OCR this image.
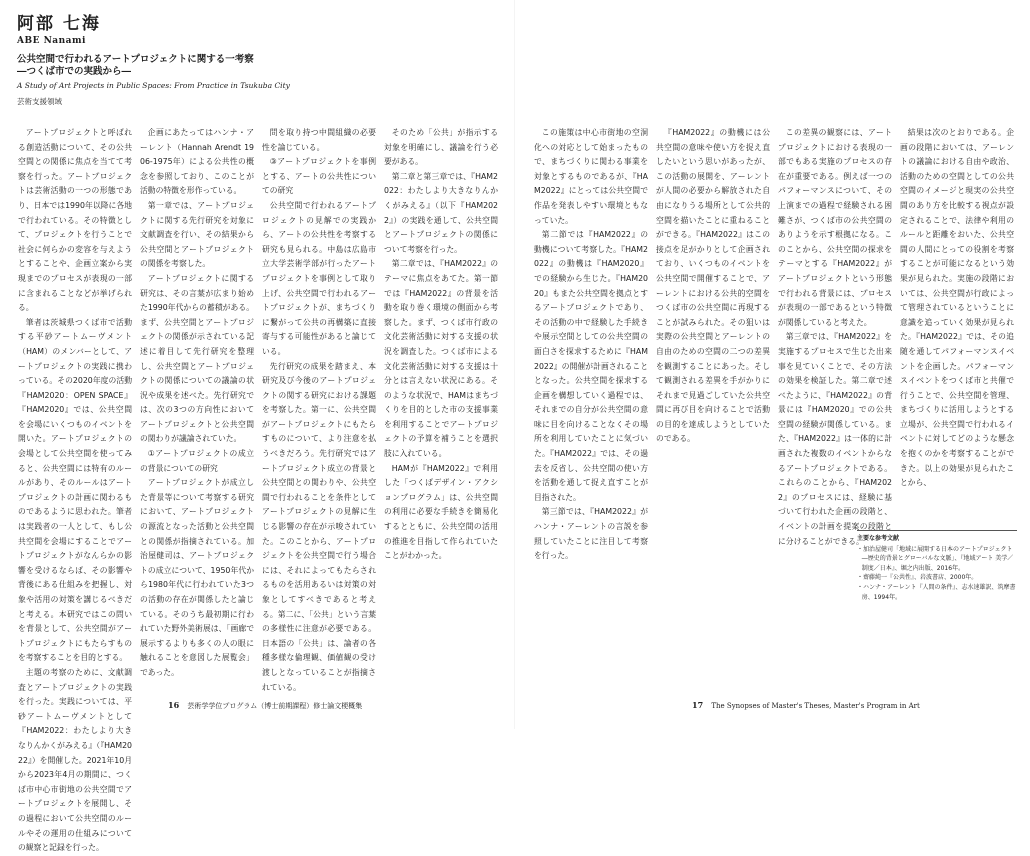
阿部 七海
ABE Nanami
公共空間で行われるアートプロジェクトに関する一考察
―つくば市での実践から―
A Study of Art Projects in Public Spaces: From Practice in Tsukuba City
芸術支援領域

アートプロジェクトと呼ばれる創造活動について、その公共空間との関係に焦点を当てて考察を行った。アートプロジェクトは芸術活動の一つの形態であり、日本では1990年以降に各地で行われている。その特徴として、プロジェクトを行うことで社会に何らかの変容を与えようとすることや、企画立案から実現までのプロセスが表現の一部に含まれることなどが挙げられる。

筆者は茨城県つくば市で活動する平砂アートムーヴメント（HAM）のメンバーとして、アートプロジェクトの実践に携わっている。その2020年度の活動『HAM2020：OPEN SPACE』『HAM2020』では、公共空間を会場にいくつものイベントを開いた。アートプロジェクトの会場として公共空間を使ってみると、公共空間には特有のルールがあり、そのルールはアートプロジェクトの計画に関わるものであるように思われた。筆者は実践者の一人として、もし公共空間を会場にすることでアートプロジェクトがなんらかの影響を受けるならば、その影響や背後にある仕組みを把握し、対象や活用の対策を講じるべきだと考える。本研究ではこの問いを背景として、公共空間がアートプロジェクトにもたらすものを考察することを目的とする。

主題の考察のために、文献調査とアートプロジェクトの実践を行った。実践については、平砂アートムーヴメントとして『HAM2022：わたしより大きなりんかくがみえる』（『HAM2022』）を開催した。2021年10月から2023年4月の期間に、つくば市中心市街地の公共空間でアートプロジェクトを展開し、その過程において公共空間のルールやその運用の仕組みについての観察と記録を行った。

企画にあたってはハンナ・アーレント（Hannah Arendt 1906-1975年）による公共性の概念を参照しており、このことが活動の特徴を形作っている。

第一章では、アートプロジェクトに関する先行研究を対象に文献調査を行い、その結果から公共空間とアートプロジェクトの関係を考察した。

アートプロジェクトに関する研究は、その言葉が広まり始めた1990年代からの蓄積がある。まず、公共空間とアートプロジェクトの関係が示されている記述に着目して先行研究を整理し、公共空間とアートプロジェクトの関係についての議論の状況や成果を述べた。先行研究では、次の3つの方向性においてアートプロジェクトと公共空間の関わりが議論されていた。

①アートプロジェクトの成立の背景についての研究

アートプロジェクトが成立した背景等について考察する研究において、アートプロジェクトの源流となった活動と公共空間との関係が指摘されている。加治屋健司は、アートプロジェクトの成立について、1950年代から1980年代に行われていた3つの活動の存在が関係したと論じている。そのうち最初期に行われていた野外美術展は、「画廊で展示するよりも多くの人の眼に触れることを意図した展覧会」であった。

問を取り持つ中間組織の必要性を論じている。

③アートプロジェクトを事例とする、アートの公共性についての研究

公共空間で行われるアートプロジェクトの見解での実践から、アートの公共性を考察する研究も見られる。中島は広島市立大学芸術学部が行ったアートプロジェクトを事例として取り上げ、公共空間で行われるアートプロジェクトが、まちづくりに繋がって公共の再構築に直接寄与する可能性があると論じている。

先行研究の成果を踏まえ、本研究及び今後のアートプロジェクトの関する研究における課題を考察した。第一に、公共空間がアートプロジェクトにもたらすものについて、より注意を払うべきだろう。先行研究ではアートプロジェクト成立の背景と公共空間との関わりや、公共空間で行われることを条件としてアートプロジェクトの見解に生じる影響の存在が示唆されていた。このことから、アートプロジェクトを公共空間で行う場合には、それによってもたらされるものを活用あるいは対策の対象としてすべきであると考える。第二に、「公共」という言葉の多様性に注意が必要である。日本語の「公共」は、論者の各種多様な倫理観、価値観の受け渡しとなっていることが指摘されている。

そのため「公共」が指示する対象を明確にし、議論を行う必要がある。

第二章と第三章では、『HAM2022：わたしより大きなりんかくがみえる』（以下『HAM2022』）の実践を通して、公共空間とアートプロジェクトの関係について考察を行った。

第二章では、『HAM2022』のテーマに焦点をあてた。第一節では『HAM2022』の背景を活動を取り巻く環境の側面から考察した。まず、つくば市行政の文化芸術活動に対する支援の状況を調査した。つくば市による文化芸術活動に対する支援は十分とは言えない状況にある。そのような状況で、HAMはまちづくりを目的とした市の支援事業を利用することでアートプロジェクトの予算を補うことを選択肢に入れている。

HAMが『HAM2022』で利用した「つくばデザイン・アクションプログラム」は、公共空間の利用に必要な手続きを簡易化するとともに、公共空間の活用の推進を目指して作られていたことがわかった。

この施策は中心市街地の空洞化への対応として始まったもので、まちづくりに関わる事業を対象とするものであるが、『HAM2022』にとっては公共空間で作品を発表しやすい環境ともなっていた。

第二節では『HAM2022』の動機について考察した。『HAM2022』の動機は『HAM2020』での経験から生じた。『HAM2020』もまた公共空間を拠点とするアートプロジェクトであり、その活動の中で経験した手続きや展示空間としての公共空間の面白さを探求するために『HAM2022』の開催が計画されることとなった。公共空間を探求する企画を構想していく過程では、それまでの自分が公共空間の意味に目を向けることなくその場所を利用していたことに気づいた。『HAM2022』では、その過去を反省し、公共空間の使い方を活動を通して捉え直すことが目指された。

第三節では、『HAM2022』がハンナ・アーレントの言説を参照していたことに注目して考察を行った。

『HAM2022』の動機には公共空間の意味や使い方を捉え直したいという思いがあったが、この活動の展開を、アーレントが人間の必要から解放された自由になりうる場所として公共的空間を描いたことに重ねることができる。『HAM2022』はこの接点を足がかりとして企画されており、いくつものイベントを公共空間で開催することで、アーレントにおける公共的空間をつくば市の公共空間に再現することが試みられた。その狙いは実際の公共空間とアーレントの自由のための空間の二つの差異を観測することにあった。そして観測される差異を手がかりにそれまで見過ごしていた公共空間に再び目を向けることで活動の目的を達成しようとしていたのである。

この差異の観察には、アートプロジェクトにおける表現の一部でもある実施のプロセスの存在が重要である。例えば一つのパフォーマンスについて、その上演までの過程で経験される困難さが、つくば市の公共空間のありようを示す根拠になる。このことから、公共空間の探求をテーマとする『HAM2022』がアートプロジェクトという形態で行われる背景には、プロセスが表現の一部であるという特徴が関係していると考えた。

第三章では、『HAM2022』を実施するプロセスで生じた出来事を見ていくことで、その方法の効果を検証した。第二章で述べたように、『HAM2022』の背景には『HAM2020』での公共空間の経験が関係している。また、『HAM2022』は一体的に計画された複数のイベントからなるアートプロジェクトである。これらのことから、『HAM2022』のプロセスには、経験に基づいて行われた企画の段階と、イベントの計画を提案の段階とに分けることができる。

結果は次のとおりである。企画の段階においては、アーレントの議論における自由や政治、活動のための空間としての公共空間のイメージと現実の公共空間のあり方を比較する視点が設定されることで、法律や利用のルールと距離をおいた、公共空間の人間にとっての役割を考察することが可能になるという効果が見られた。実施の段階においては、公共空間が行政によって管理されているということに意識を追っていく効果が見られた。『HAM2022』では、その追随を通してパフォーマンスイベントを企画した。パフォーマンスイベントをつくば市と共催で行うことで、公共空間を管理、まちづくりに活用しようとする立場が、公共空間で行われるイベントに対してどのような懸念を抱くのかを考察することができた。以上の効果が見られたことから、

主要な参考文献
・加治屋健司「地域に展開する日本のアートプロジェクト―歴史的背景とグローバルな文脈」、『地域アート 美学／制度／日本』、堀之内出版、2016年。
・齋藤純一『公共性』、岩波書店、2000年。
・ハンナ・アーレント『人間の条件』、志水速雄訳、筑摩書房、1994年。
16 芸術学学位プログラム（博士前期課程）修士論文梗概集	17 The Synopses of Master's Theses, Master's Program in Art
